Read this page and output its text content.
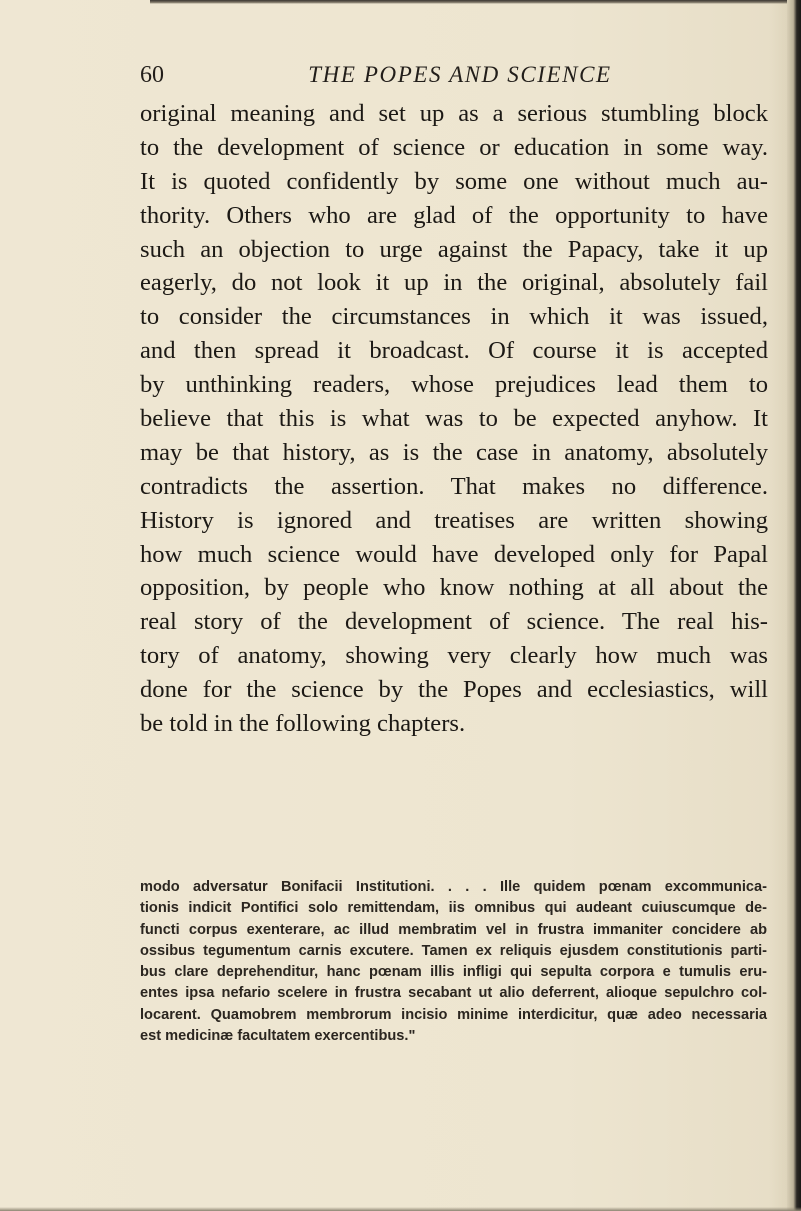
60	THE POPES AND SCIENCE
original meaning and set up as a serious stumbling block
to the development of science or education in some way.
It is quoted confidently by some one without much au-
thority. Others who are glad of the opportunity to have
such an objection to urge against the Papacy, take it up
eagerly, do not look it up in the original, absolutely fail
to consider the circumstances in which it was issued,
and then spread it broadcast. Of course it is accepted
by unthinking readers, whose prejudices lead them to
believe that this is what was to be expected anyhow. It
may be that history, as is the case in anatomy, absolutely
contradicts the assertion. That makes no difference.
History is ignored and treatises are written showing
how much science would have developed only for Papal
opposition, by people who know nothing at all about the
real story of the development of science. The real his-
tory of anatomy, showing very clearly how much was
done for the science by the Popes and ecclesiastics, will
be told in the following chapters.
modo adversatur Bonifacii Institutioni. . . . Ille quidem pœnam excommunica-
tionis indicit Pontifici solo remittendam, iis omnibus qui audeant cuiuscumque de-
functi corpus exenterare, ac illud membratim vel in frustra immaniter concidere ab
ossibus tegumentum carnis excutere. Tamen ex reliquis ejusdem constitutionis parti-
bus clare deprehenditur, hanc pœnam illis infligi qui sepulta corpora e tumulis eru-
entes ipsa nefario scelere in frustra secabant ut alio deferrent, alioque sepulchro col-
locarent. Quamobrem membrorum incisio minime interdicitur, quæ adeo necessaria
est medicinæ facultatem exercentibus."
